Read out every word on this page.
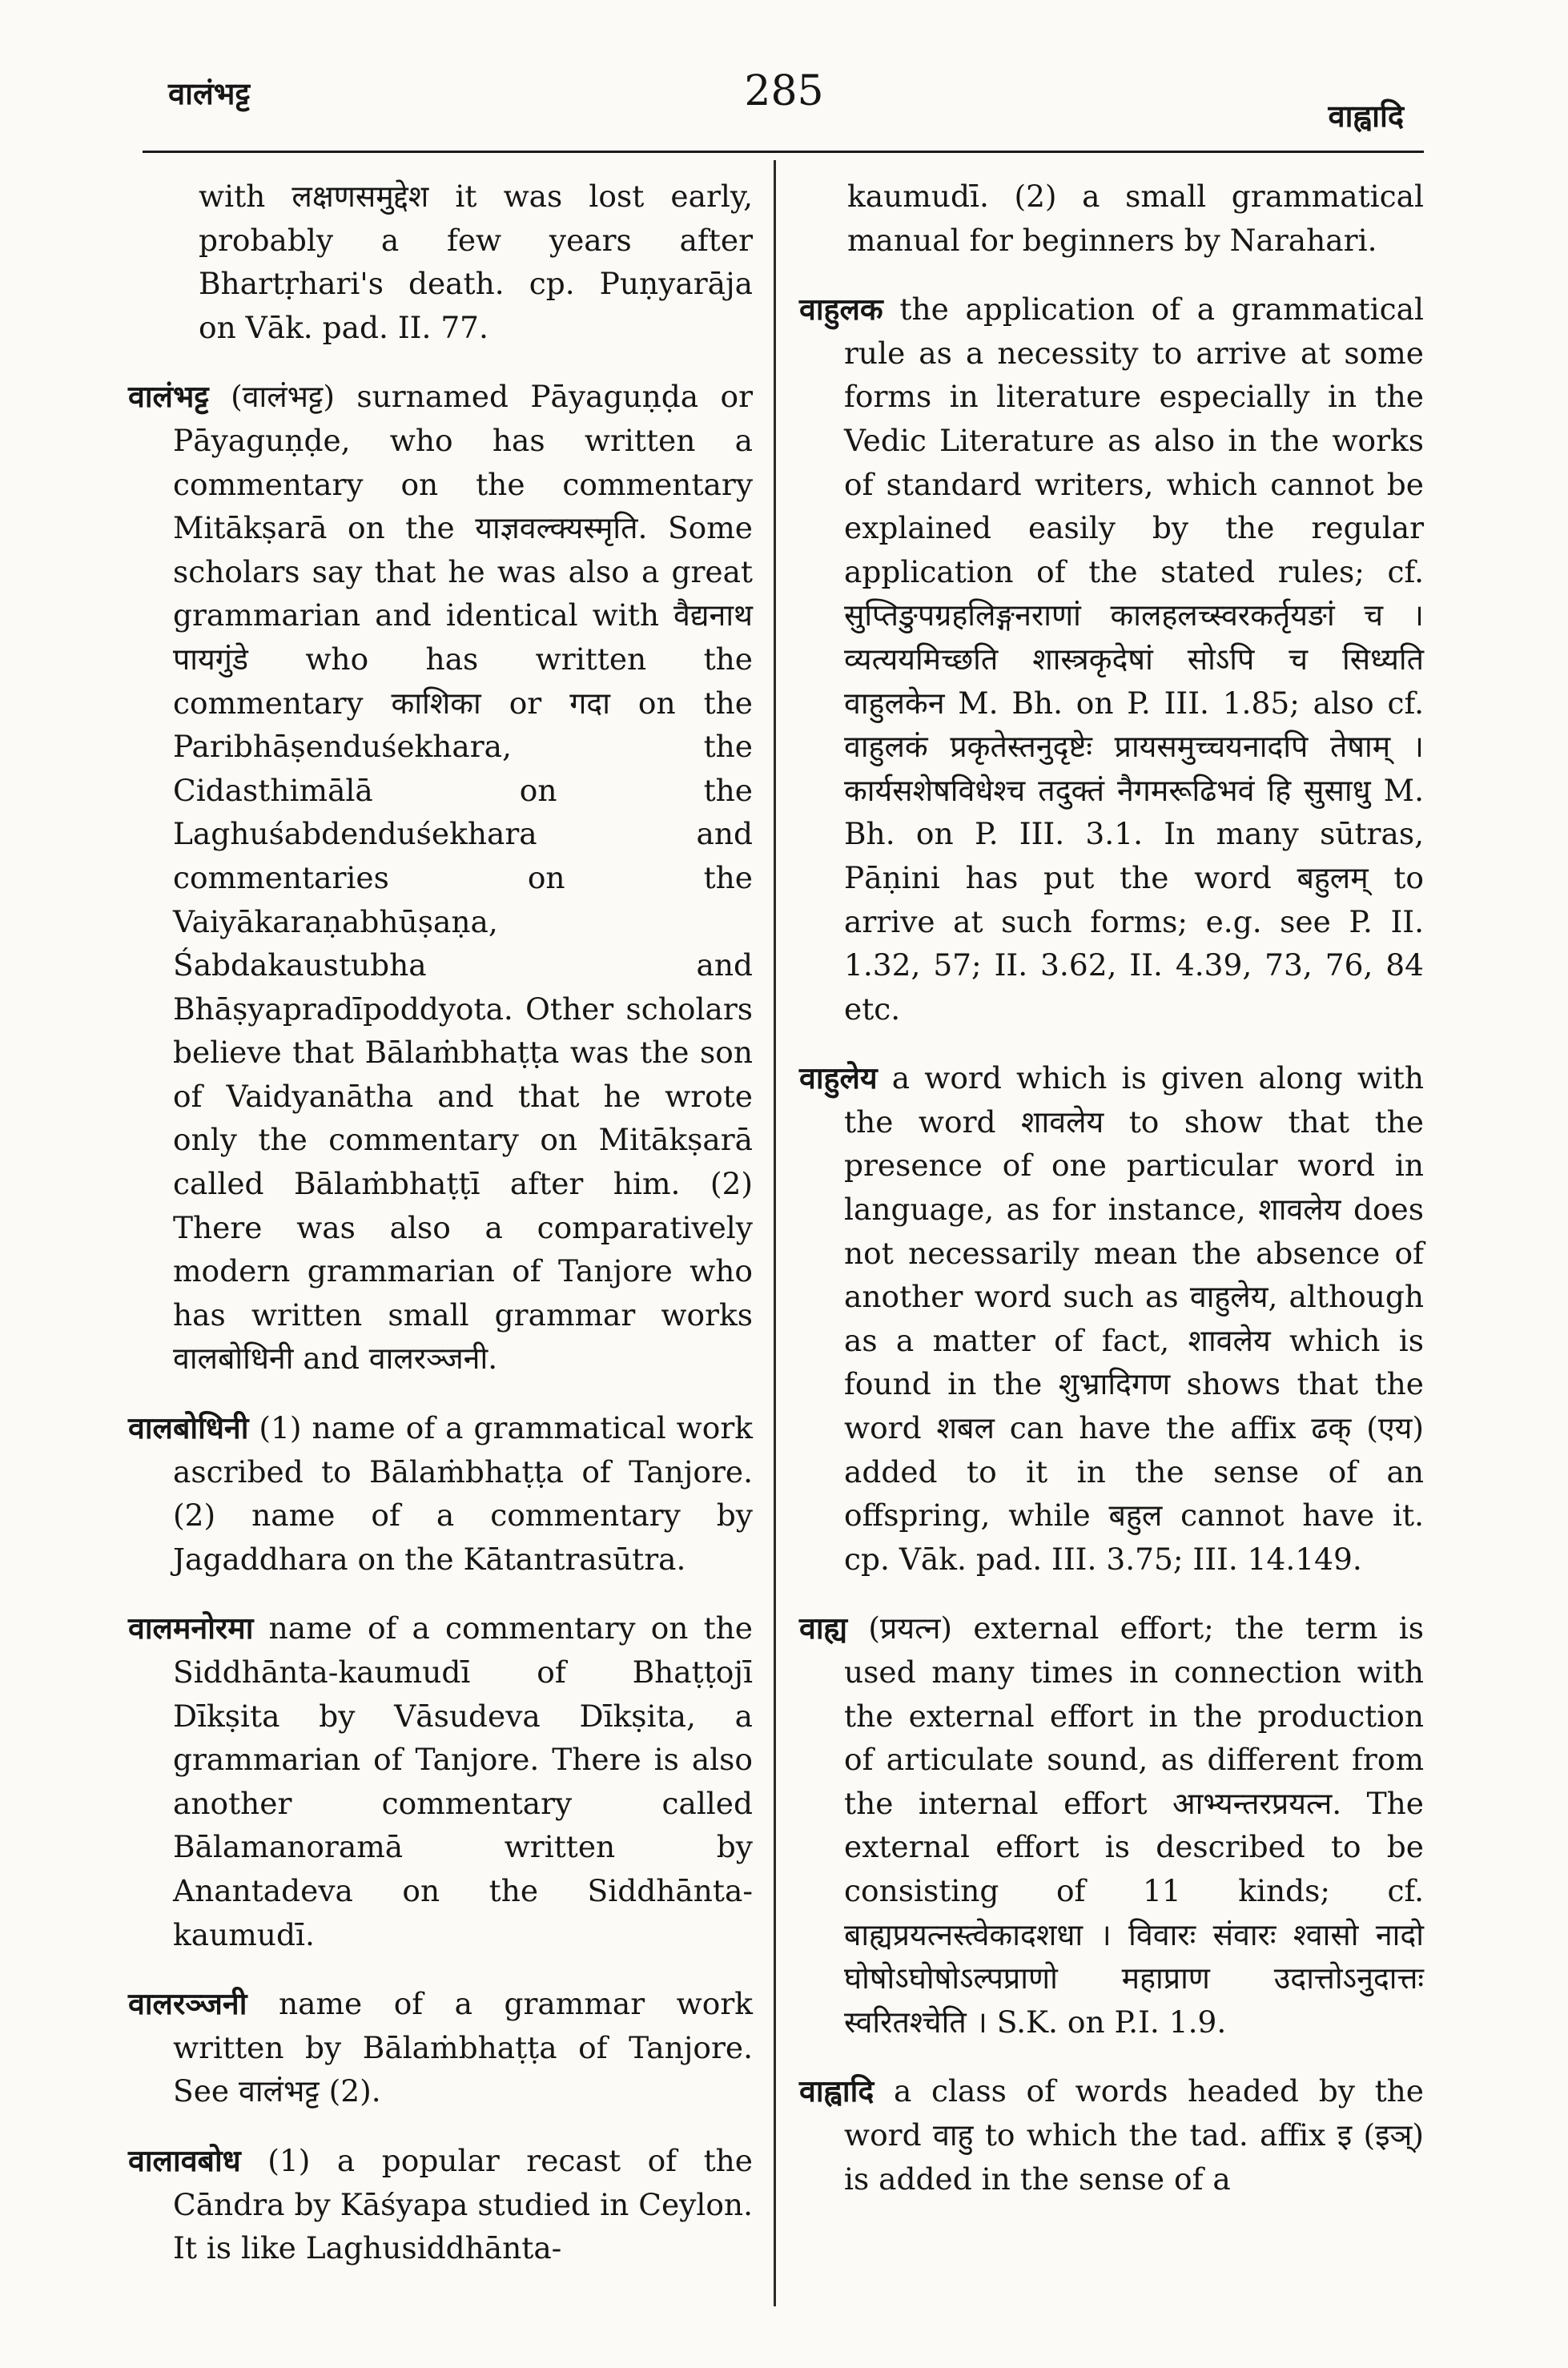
वालंभट्ट	285
वाह्वादि

with लक्षणसमुद्देश it was lost early, probably a few years after Bhartṛhari's death. cp. Puṇyarāja on Vāk. pad. II. 77.

वालंभट्ट (वालंभट्ट) surnamed Pāyaguṇḍa or Pāyaguṇḍe, who has written a commentary on the commentary Mitākṣarā on the याज्ञवल्क्यस्मृति. Some scholars say that he was also a great grammarian and identical with वैद्यनाथ पायगुंडे who has written the commentary काशिका or गदा on the Paribhāṣenduśekhara, the Cidasthimālā on the Laghuśabdenduśekhara and commentaries on the Vaiyākaraṇabhūṣaṇa, Śabdakaustubha and Bhāṣyapradīpoddyota. Other scholars believe that Bālaṁbhaṭṭa was the son of Vaidyanātha and that he wrote only the commentary on Mitākṣarā called Bālaṁbhaṭṭī after him. (2) There was also a comparatively modern grammarian of Tanjore who has written small grammar works वालबोधिनी and वालरञ्जनी.

वालबोधिनी (1) name of a grammatical work ascribed to Bālaṁbhaṭṭa of Tanjore. (2) name of a commentary by Jagaddhara on the Kātantrasūtra.

वालमनोरमा name of a commentary on the Siddhānta-kaumudī of Bhaṭṭojī Dīkṣita by Vāsudeva Dīkṣita, a grammarian of Tanjore. There is also another commentary called Bālamanoramā written by Anantadeva on the Siddhānta-kaumudī.

वालरञ्जनी name of a grammar work written by Bālaṁbhaṭṭa of Tanjore. See वालंभट्ट (2).

वालावबोध (1) a popular recast of the Cāndra by Kāśyapa studied in Ceylon. It is like Laghusiddhānta-

kaumudī. (2) a small grammatical manual for beginners by Narahari.

वाहुलक the application of a grammatical rule as a necessity to arrive at some forms in literature especially in the Vedic Literature as also in the works of standard writers, which cannot be explained easily by the regular application of the stated rules; cf. सुप्तिङुपग्रहलिङ्गनराणां कालहलच्स्वरकर्तृयङां च । व्यत्ययमिच्छति शास्त्रकृदेषां सोऽपि च सिध्यति वाहुलकेन M. Bh. on P. III. 1.85; also cf. वाहुलकं प्रकृतेस्तनुदृष्टेः प्रायसमुच्चयनादपि तेषाम् । कार्यसशेषविधेश्च तदुक्तं नैगमरूढिभवं हि सुसाधु M. Bh. on P. III. 3.1. In many sūtras, Pāṇini has put the word बहुलम् to arrive at such forms; e.g. see P. II. 1.32, 57; II. 3.62, II. 4.39, 73, 76, 84 etc.

वाहुलेय a word which is given along with the word शावलेय to show that the presence of one particular word in language, as for instance, शावलेय does not necessarily mean the absence of another word such as वाहुलेय, although as a matter of fact, शावलेय which is found in the शुभ्रादिगण shows that the word शबल can have the affix ढक् (एय) added to it in the sense of an offspring, while बहुल cannot have it. cp. Vāk. pad. III. 3.75; III. 14.149.

वाह्य (प्रयत्न) external effort; the term is used many times in connection with the external effort in the production of articulate sound, as different from the internal effort आभ्यन्तरप्रयत्न. The external effort is described to be consisting of 11 kinds; cf. बाह्यप्रयत्नस्त्वेकादशधा । विवारः संवारः श्वासो नादो घोषोऽघोषोऽल्पप्राणो महाप्राण उदात्तोऽनुदात्तः स्वरितश्चेति । S.K. on P.I. 1.9.

वाह्वादि a class of words headed by the word वाहु to which the tad. affix इ (इञ्) is added in the sense of a
